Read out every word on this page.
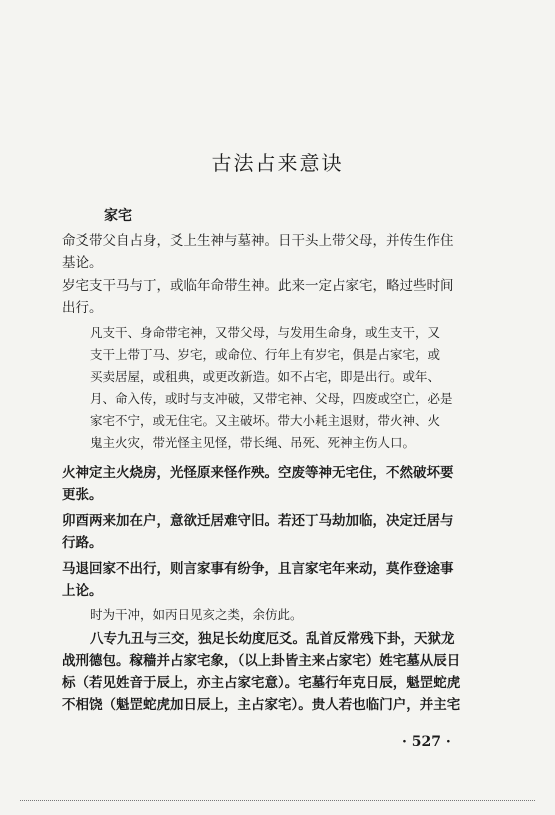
古法占来意诀
家宅
命爻带父自占身，爻上生神与墓神。日干头上带父母，并传生作住
基论。
岁宅支干马与丁，或临年命带生神。此来一定占家宅，略过些时间
出行。
凡支干、身命带宅神，又带父母，与发用生命身，或生支干，又
支干上带丁马、岁宅，或命位、行年上有岁宅，俱是占家宅，或
买卖居屋，或租典，或更改新造。如不占宅，即是出行。或年、
月、命入传，或时与支冲破，又带宅神、父母，四废或空亡，必是
家宅不宁，或无住宅。又主破坏。带大小耗主退财，带火神、火
鬼主火灾，带光怪主见怪，带长绳、吊死、死神主伤人口。
火神定主火烧房，光怪原来怪作殃。空废等神无宅住，不然破坏要
更张。
卯酉两来加在户，意欲迁居难守旧。若还丁马劫加临，决定迁居与
行路。
马退回家不出行，则言家事有纷争，且言家宅年来动，莫作登途事
上论。
时为干冲，如丙日见亥之类，余仿此。
八专九丑与三交，独足长幼度厄爻。乱首反常残下卦，天狱龙
战刑德包。稼穑并占家宅象，（以上卦皆主来占家宅）姓宅墓从辰日
标（若见姓音于辰上，亦主占家宅意）。宅墓行年克日辰，魁罡蛇虎
不相饶（魁罡蛇虎加日辰上，主占家宅）。贵人若也临门户，并主宅
· 527 ·
